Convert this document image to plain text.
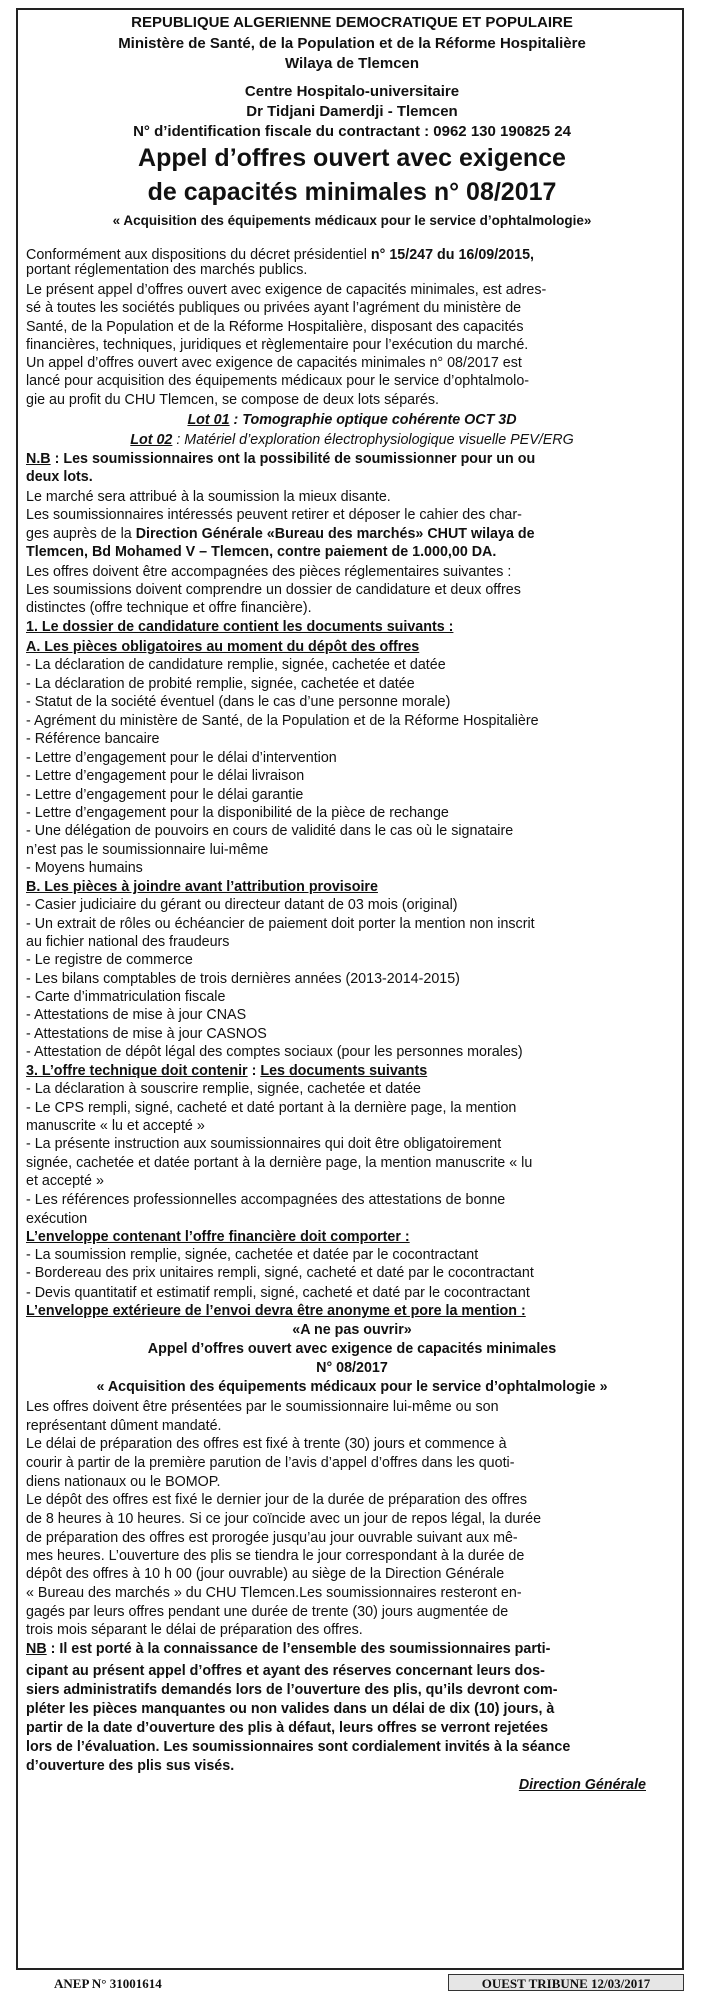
REPUBLIQUE ALGERIENNE DEMOCRATIQUE ET POPULAIRE
Ministère de Santé, de la Population et de la Réforme Hospitalière
Wilaya de Tlemcen
Centre Hospitalo-universitaire
Dr Tidjani Damerdji - Tlemcen
N° d’identification fiscale du contractant : 0962 130 190825 24
Appel d’offres ouvert avec exigence
de capacités minimales n° 08/2017
« Acquisition des équipements médicaux pour le service d’ophtalmologie»
Conformément aux dispositions du décret présidentiel n° 15/247 du 16/09/2015,
portant réglementation des marchés publics.
Le présent appel d’offres ouvert avec exigence de capacités minimales, est adres-
sé à toutes les sociétés publiques ou privées ayant l’agrément du ministère de
Santé, de la Population et de la Réforme Hospitalière, disposant des capacités
financières, techniques, juridiques et règlementaire pour l’exécution du marché.
Un appel d’offres ouvert avec exigence de capacités minimales n° 08/2017 est
lancé pour acquisition des équipements médicaux pour le service d’ophtalmolo-
gie au profit du CHU Tlemcen, se compose de deux lots séparés.
Lot 01 : Tomographie optique cohérente OCT 3D
Lot 02 : Matériel d’exploration électrophysiologique visuelle PEV/ERG
N.B : Les soumissionnaires ont la possibilité de soumissionner pour un ou
deux lots.
Le marché sera attribué à la soumission la mieux disante.
Les soumissionnaires intéressés peuvent retirer et déposer le cahier des char-
ges auprès de la Direction Générale «Bureau des marchés» CHUT wilaya de
Tlemcen, Bd Mohamed V – Tlemcen, contre paiement de 1.000,00 DA.
Les offres doivent être accompagnées des pièces réglementaires suivantes :
Les soumissions doivent comprendre un dossier de candidature et deux offres
distinctes (offre technique et offre financière).
1. Le dossier de candidature contient les documents suivants :
A. Les pièces obligatoires au moment du dépôt des offres
- La déclaration de candidature remplie, signée, cachetée et datée
- La déclaration de probité remplie, signée, cachetée et datée
- Statut de la société éventuel (dans le cas d’une personne morale)
- Agrément du ministère de Santé, de la Population et de la Réforme Hospitalière
- Référence bancaire
- Lettre d’engagement pour le délai d’intervention
- Lettre d’engagement pour le délai livraison
- Lettre d’engagement pour le délai garantie
- Lettre d’engagement pour la disponibilité de la pièce de rechange
- Une délégation de pouvoirs en cours de validité dans le cas où le signataire
n’est pas le soumissionnaire lui-même
- Moyens humains
B. Les pièces à joindre avant l’attribution provisoire
- Casier judiciaire du gérant ou directeur datant de 03 mois (original)
- Un extrait de rôles ou échéancier de paiement doit porter la mention non inscrit
au fichier national des fraudeurs
- Le registre de commerce
- Les bilans comptables de trois dernières années (2013-2014-2015)
- Carte d’immatriculation fiscale
- Attestations de mise à jour CNAS
- Attestations de mise à jour CASNOS
- Attestation de dépôt légal des comptes sociaux (pour les personnes morales)
3. L’offre technique doit contenir : Les documents suivants
- La déclaration à souscrire remplie, signée, cachetée et datée
- Le CPS rempli, signé, cacheté et daté portant à la dernière page, la mention
manuscrite « lu et accepté »
- La présente instruction aux soumissionnaires qui doit être obligatoirement
signée, cachetée et datée portant à la dernière page, la mention manuscrite « lu
et accepté »
- Les références professionnelles accompagnées des attestations de bonne
exécution
L’enveloppe contenant l’offre financière doit comporter :
- La soumission remplie, signée, cachetée et datée par le cocontractant
- Bordereau des prix unitaires rempli, signé, cacheté et daté par le cocontractant
- Devis quantitatif et estimatif rempli, signé, cacheté et daté par le cocontractant
L’enveloppe extérieure de l’envoi devra être anonyme et pore la mention :
«A ne pas ouvrir»
Appel d’offres ouvert avec exigence de capacités minimales
N° 08/2017
« Acquisition des équipements médicaux pour le service d’ophtalmologie »
Les offres doivent être présentées par le soumissionnaire lui-même ou son
représentant dûment mandaté.
Le délai de préparation des offres est fixé à trente (30) jours et commence à
courir à partir de la première parution de l’avis d’appel d’offres dans les quoti-
diens nationaux ou le BOMOP.
Le dépôt des offres est fixé le dernier jour de la durée de préparation des offres
de 8 heures à 10 heures. Si ce jour coïncide avec un jour de repos légal, la durée
de préparation des offres est prorogée jusqu’au jour ouvrable suivant aux mê-
mes heures. L’ouverture des plis se tiendra le jour correspondant à la durée de
dépôt des offres à 10 h 00 (jour ouvrable) au siège de la Direction Générale
« Bureau des marchés » du CHU Tlemcen.Les soumissionnaires resteront en-
gagés par leurs offres pendant une durée de trente (30) jours augmentée de
trois mois séparant le délai de préparation des offres.
NB : Il est porté à la connaissance de l’ensemble des soumissionnaires parti-
cipant au présent appel d’offres et ayant des réserves concernant leurs dos-
siers administratifs demandés lors de l’ouverture des plis, qu’ils devront com-
pléter les pièces manquantes ou non valides dans un délai de dix (10) jours, à
partir de la date d’ouverture des plis à défaut, leurs offres se verront rejetées
lors de l’évaluation. Les soumissionnaires sont cordialement invités à la séance
d’ouverture des plis sus visés.
Direction Générale
ANEP N° 31001614	OUEST TRIBUNE 12/03/2017
